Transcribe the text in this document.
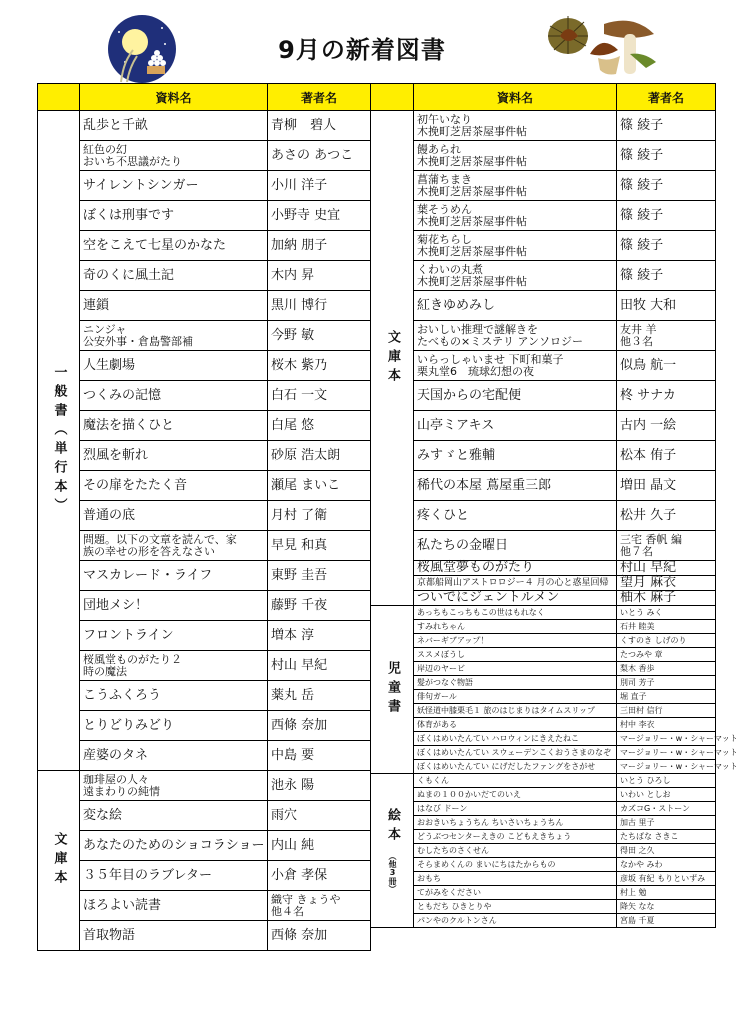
9月の新着図書
	資料名	著者名

一般書（単行本）	乱歩と千畝	青柳　碧人

	紅色の幻
おいち不思議がたり	あさの あつこ

	サイレントシンガー	小川 洋子

	ぼくは刑事です	小野寺 史宜

	空をこえて七星のかなた	加納 朋子

	奇のくに風土記	木内 昇

	連鎖	黒川 博行

	ニンジャ
公安外事・倉島警部補	今野 敏

	人生劇場	桜木 紫乃

	つくみの記憶	白石 一文

	魔法を描くひと	白尾 悠

	烈風を斬れ	砂原 浩太朗

	その扉をたたく音	瀬尾 まいこ

	普通の底	月村 了衛

	問題。以下の文章を読んで、家
族の幸せの形を答えなさい	早見 和真

	マスカレード・ライフ	東野 圭吾

	団地メシ！	藤野 千夜

	フロントライン	増本 淳

	桜風堂ものがたり２
時の魔法	村山 早紀

	こうふくろう	薬丸 岳

	とりどりみどり	西條 奈加

	産婆のタネ	中島 要

文庫本	珈琲屋の人々
遠まわりの純情	池永 陽

	変な絵	雨穴

	あなたのためのショコラショー	内山 純

	３５年目のラブレター	小倉 孝保

	ほろよい読書	織守 きょうや
他４名

	首取物語	西條 奈加
	資料名	著者名

文庫本	初午いなり
木挽町芝居茶屋事件帖	篠 綾子

	饅あられ
木挽町芝居茶屋事件帖	篠 綾子

	菖蒲ちまき
木挽町芝居茶屋事件帖	篠 綾子

	葉そうめん
木挽町芝居茶屋事件帖	篠 綾子

	菊花ちらし
木挽町芝居茶屋事件帖	篠 綾子

	くわいの丸煮
木挽町芝居茶屋事件帖	篠 綾子

	紅きゆめみし	田牧 大和

	おいしい推理で謎解きを
たべもの×ミステリ アンソロジー	友井 羊
他３名

	いらっしゃいませ 下町和菓子
栗丸堂6　琉球幻想の夜	似鳥 航一

	天国からの宅配便	柊 サナカ

	山亭ミアキス	古内 一絵

	みすゞと雅輔	松本 侑子

	稀代の本屋 蔦屋重三郎	増田 晶文

	疼くひと	松井 久子

	私たちの金曜日	三宅 香帆 編
他７名

	桜風堂夢ものがたり	村山 早紀

	京都船岡山アストロロジー４ 月の心と惑星回帰	望月 麻衣

	ついでにジェントルメン	柚木 麻子

児童書	あっちもこっちもこの世はもれなく	いとう みく

	すみれちゃん	石井 睦美

	ネバーギブアップ！	くすのき しげのり

	ススメぼうし	たつみや 章

	岸辺のヤービ	梨木 香歩

	髪がつなぐ物語	別司 芳子

	俳句ガール	堀 直子

	妖怪道中膝栗毛１ 旅のはじまりはタイムスリップ	三田村 信行

	体育がある	村中 李衣

	ぼくはめいたんてい ハロウィンにきえたねこ	マージョリー・w・シャーマット

	ぼくはめいたんてい スウェーデンこくおうさまのなぞ	マージョリー・w・シャーマット

	ぼくはめいたんてい にげだしたファングをさがせ	マージョリー・w・シャーマット

絵本
（他3冊）	くもくん	いとう ひろし

	ぬまの１００かいだてのいえ	いわい としお

	はなび ドーン	カズコG・ストーン

	おおきいちょうちん ちいさいちょうちん	加古 里子

	どうぶつセンターえきの こどもえきちょう	たちばな さきこ

	むしたちのさくせん	得田 之久

	そらまめくんの まいにちはたからもの	なかや みわ

	おもち	彦坂 有紀 もりといずみ

	てがみをください	村上 勉

	ともだち ひきとりや	降矢 なな

	パンやのクルトンさん	宮島 千夏
